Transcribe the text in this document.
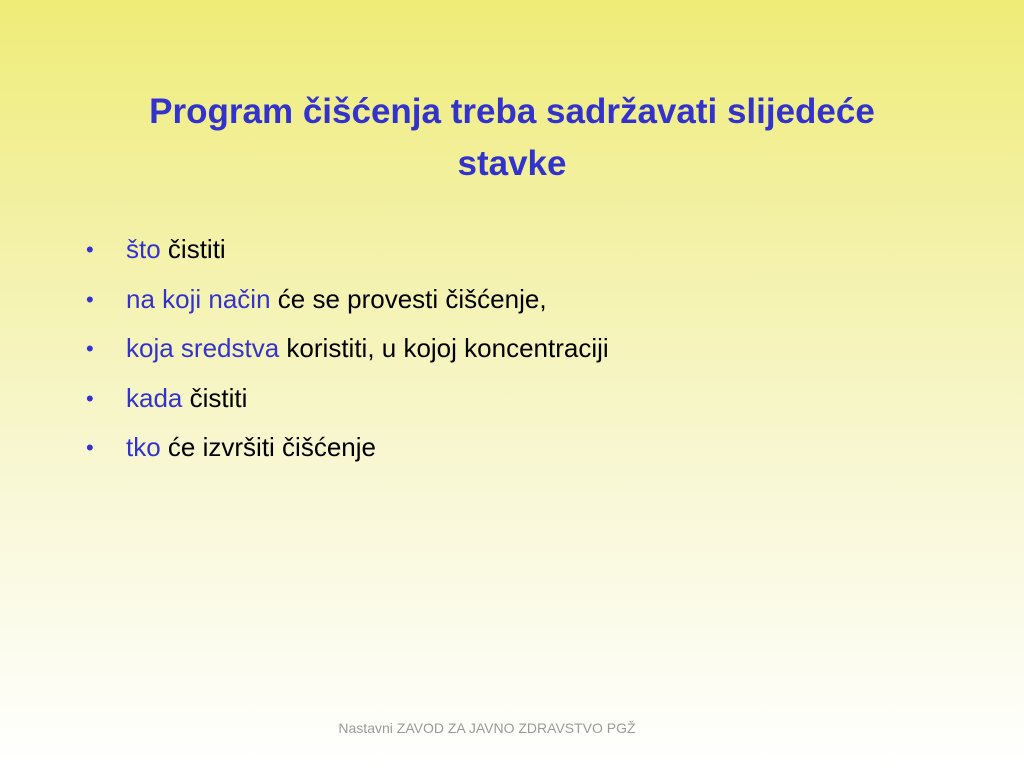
Program čišćenja treba sadržavati slijedeće
stavke
• što čistiti
• na koji način će se provesti čišćenje,
• koja sredstva koristiti, u kojoj koncentraciji
• kada čistiti
• tko će izvršiti čišćenje
Nastavni ZAVOD ZA JAVNO ZDRAVSTVO PGŽ
